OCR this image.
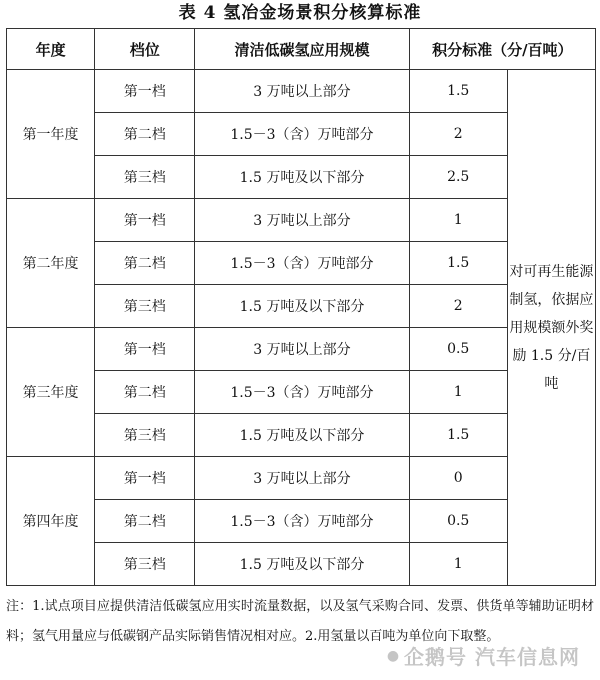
表 4 氢冶金场景积分核算标准
年度	档位	清洁低碳氢应用规模	积分标准（分/百吨）	
第一年度	第一档	3 万吨以上部分	1.5	对可再生能源制氢，依据应用规模额外奖励 1.5 分/百吨
	第二档	1.5－3（含）万吨部分	2	
	第三档	1.5 万吨及以下部分	2.5	
第二年度	第一档	3 万吨以上部分	1	
	第二档	1.5－3（含）万吨部分	1.5	
	第三档	1.5 万吨及以下部分	2	
第三年度	第一档	3 万吨以上部分	0.5	
	第二档	1.5－3（含）万吨部分	1	
	第三档	1.5 万吨及以下部分	1.5	
第四年度	第一档	3 万吨以上部分	0	
	第二档	1.5－3（含）万吨部分	0.5	
	第三档	1.5 万吨及以下部分	1	
注：1.试点项目应提供清洁低碳氢应用实时流量数据，以及氢气采购合同、发票、供货单等辅助证明材料；氢气用量应与低碳钢产品实际销售情况相对应。2.用氢量以百吨为单位向下取整。
● 企鹅号 汽车信息网
